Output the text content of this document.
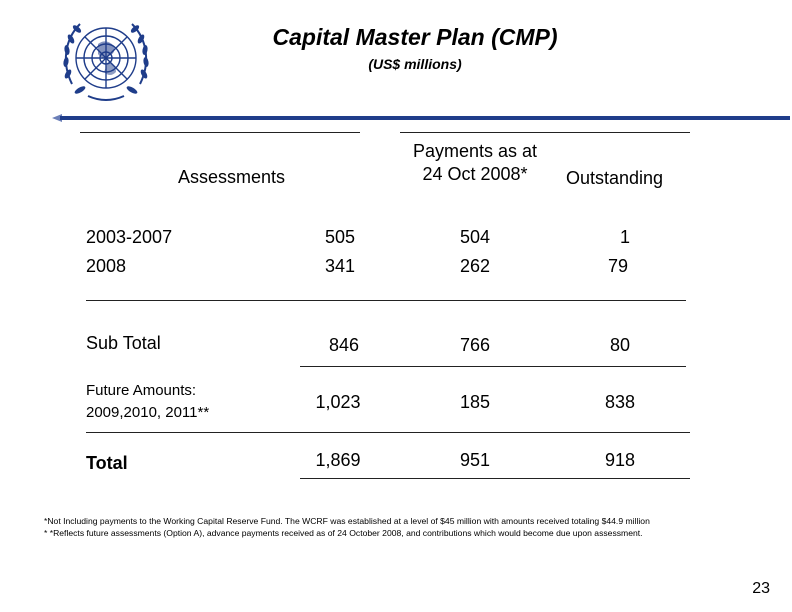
Capital Master Plan (CMP)
(US$ millions)
Assessments
Payments as at
24 Oct 2008*	Outstanding
2003-2007	505	504	1
2008	341	262	79
Sub Total	846	766	80
Future Amounts:
2009,2010, 2011**
1,023	185	838
Total	1,869	951	918
*Not Including payments to the Working Capital Reserve Fund. The WCRF was established at a level of $45 million with amounts received totaling $44.9 million
* *Reflects future assessments (Option A), advance payments received as of 24 October 2008, and contributions which would become due upon assessment.
23
